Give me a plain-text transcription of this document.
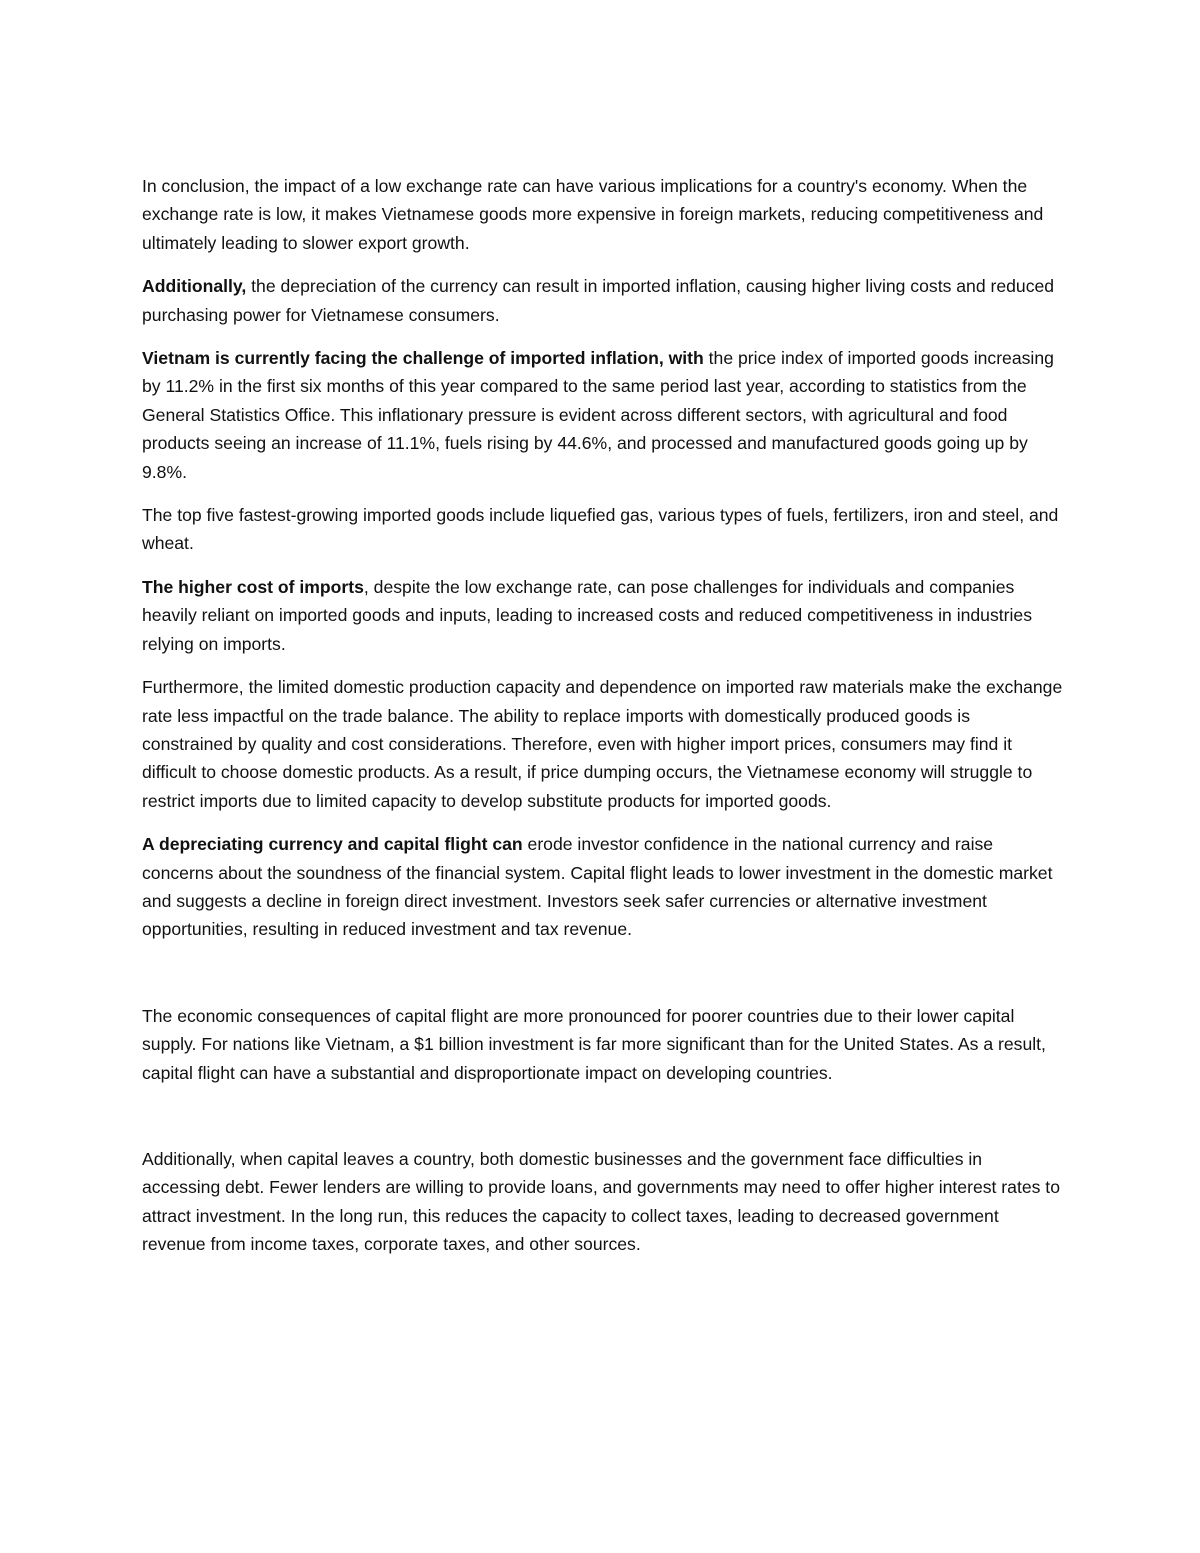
In conclusion, the impact of a low exchange rate can have various implications for a country's economy. When the exchange rate is low, it makes Vietnamese goods more expensive in foreign markets, reducing competitiveness and ultimately leading to slower export growth.

Additionally, the depreciation of the currency can result in imported inflation, causing higher living costs and reduced purchasing power for Vietnamese consumers.

Vietnam is currently facing the challenge of imported inflation, with the price index of imported goods increasing by 11.2% in the first six months of this year compared to the same period last year, according to statistics from the General Statistics Office. This inflationary pressure is evident across different sectors, with agricultural and food products seeing an increase of 11.1%, fuels rising by 44.6%, and processed and manufactured goods going up by 9.8%.

The top five fastest-growing imported goods include liquefied gas, various types of fuels, fertilizers, iron and steel, and wheat.

The higher cost of imports, despite the low exchange rate, can pose challenges for individuals and companies heavily reliant on imported goods and inputs, leading to increased costs and reduced competitiveness in industries relying on imports.

Furthermore, the limited domestic production capacity and dependence on imported raw materials make the exchange rate less impactful on the trade balance. The ability to replace imports with domestically produced goods is constrained by quality and cost considerations. Therefore, even with higher import prices, consumers may find it difficult to choose domestic products. As a result, if price dumping occurs, the Vietnamese economy will struggle to restrict imports due to limited capacity to develop substitute products for imported goods.

A depreciating currency and capital flight can erode investor confidence in the national currency and raise concerns about the soundness of the financial system. Capital flight leads to lower investment in the domestic market and suggests a decline in foreign direct investment. Investors seek safer currencies or alternative investment opportunities, resulting in reduced investment and tax revenue.

The economic consequences of capital flight are more pronounced for poorer countries due to their lower capital supply. For nations like Vietnam, a $1 billion investment is far more significant than for the United States. As a result, capital flight can have a substantial and disproportionate impact on developing countries.

Additionally, when capital leaves a country, both domestic businesses and the government face difficulties in accessing debt. Fewer lenders are willing to provide loans, and governments may need to offer higher interest rates to attract investment. In the long run, this reduces the capacity to collect taxes, leading to decreased government revenue from income taxes, corporate taxes, and other sources.
